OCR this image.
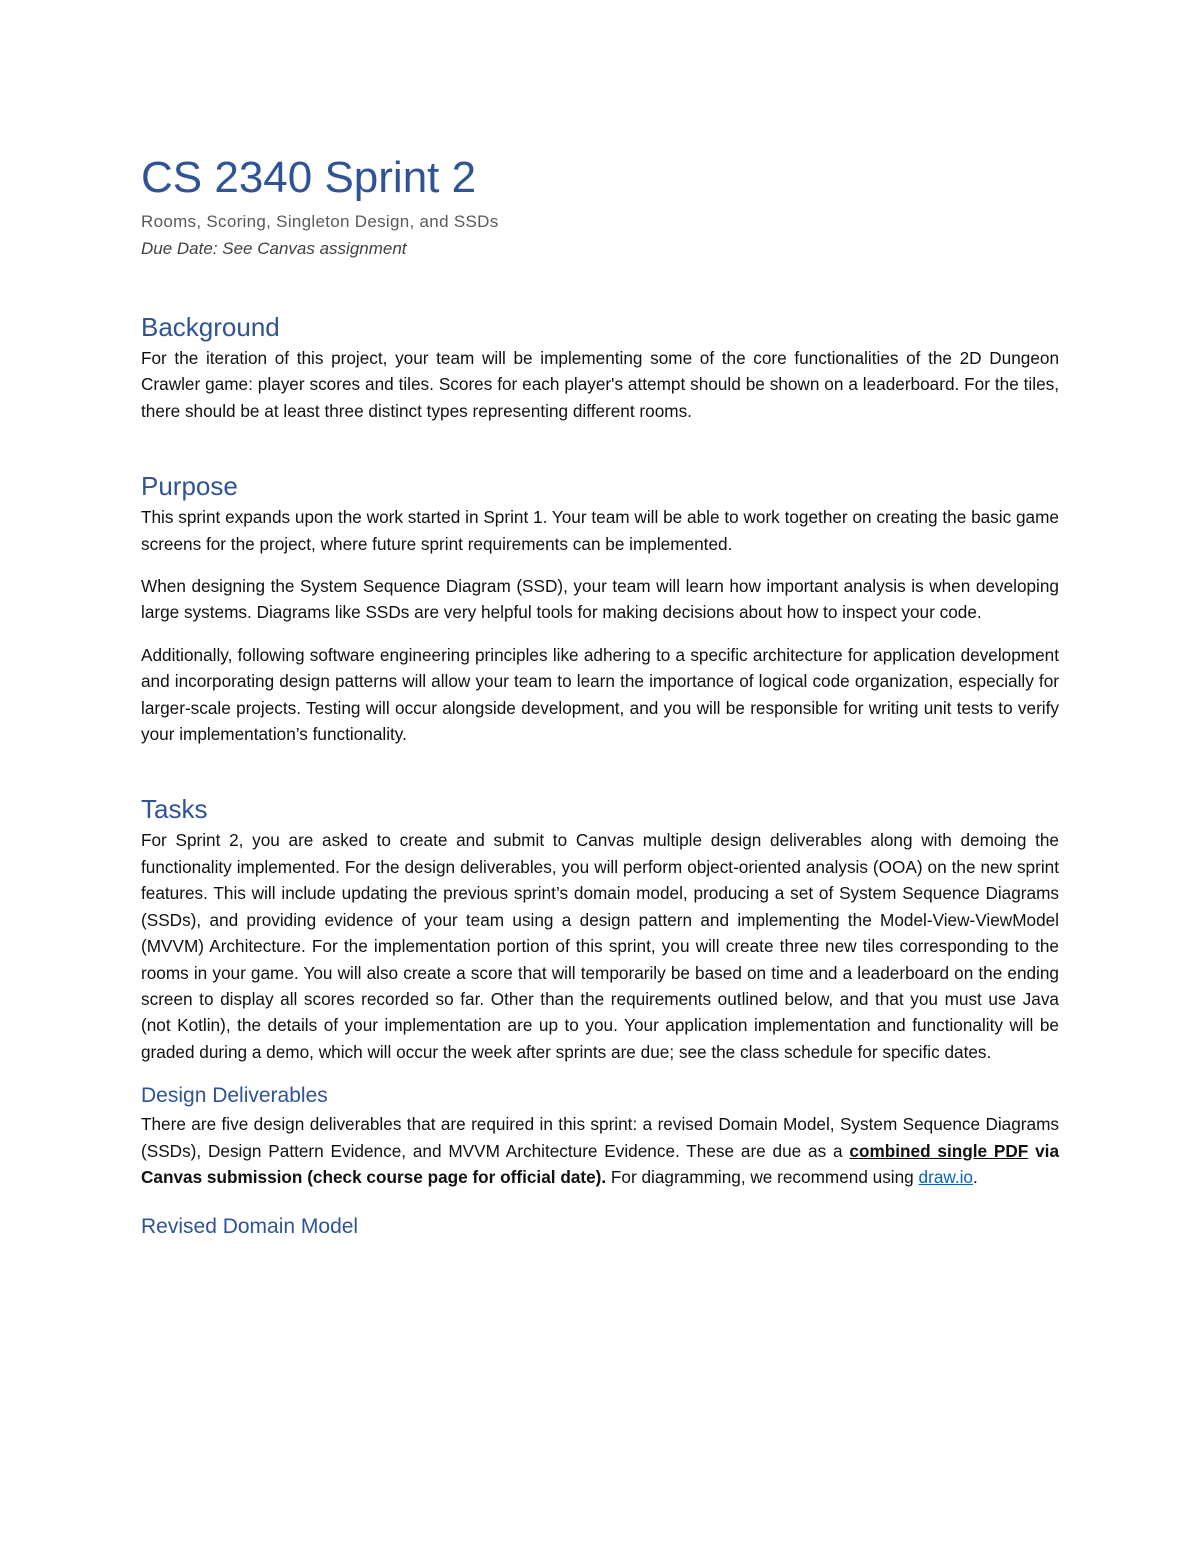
CS 2340 Sprint 2

Rooms, Scoring, Singleton Design, and SSDs

Due Date: See Canvas assignment

Background

For the iteration of this project, your team will be implementing some of the core functionalities of the 2D Dungeon Crawler game: player scores and tiles. Scores for each player's attempt should be shown on a leaderboard. For the tiles, there should be at least three distinct types representing different rooms.

Purpose

This sprint expands upon the work started in Sprint 1. Your team will be able to work together on creating the basic game screens for the project, where future sprint requirements can be implemented.

When designing the System Sequence Diagram (SSD), your team will learn how important analysis is when developing large systems. Diagrams like SSDs are very helpful tools for making decisions about how to inspect your code.

Additionally, following software engineering principles like adhering to a specific architecture for application development and incorporating design patterns will allow your team to learn the importance of logical code organization, especially for larger-scale projects. Testing will occur alongside development, and you will be responsible for writing unit tests to verify your implementation’s functionality.

Tasks

For Sprint 2, you are asked to create and submit to Canvas multiple design deliverables along with demoing the functionality implemented. For the design deliverables, you will perform object-oriented analysis (OOA) on the new sprint features. This will include updating the previous sprint’s domain model, producing a set of System Sequence Diagrams (SSDs), and providing evidence of your team using a design pattern and implementing the Model-View-ViewModel (MVVM) Architecture. For the implementation portion of this sprint, you will create three new tiles corresponding to the rooms in your game. You will also create a score that will temporarily be based on time and a leaderboard on the ending screen to display all scores recorded so far. Other than the requirements outlined below, and that you must use Java (not Kotlin), the details of your implementation are up to you. Your application implementation and functionality will be graded during a demo, which will occur the week after sprints are due; see the class schedule for specific dates.

Design Deliverables

There are five design deliverables that are required in this sprint: a revised Domain Model, System Sequence Diagrams (SSDs), Design Pattern Evidence, and MVVM Architecture Evidence. These are due as a combined single PDF via Canvas submission (check course page for official date). For diagramming, we recommend using draw.io.

Revised Domain Model
